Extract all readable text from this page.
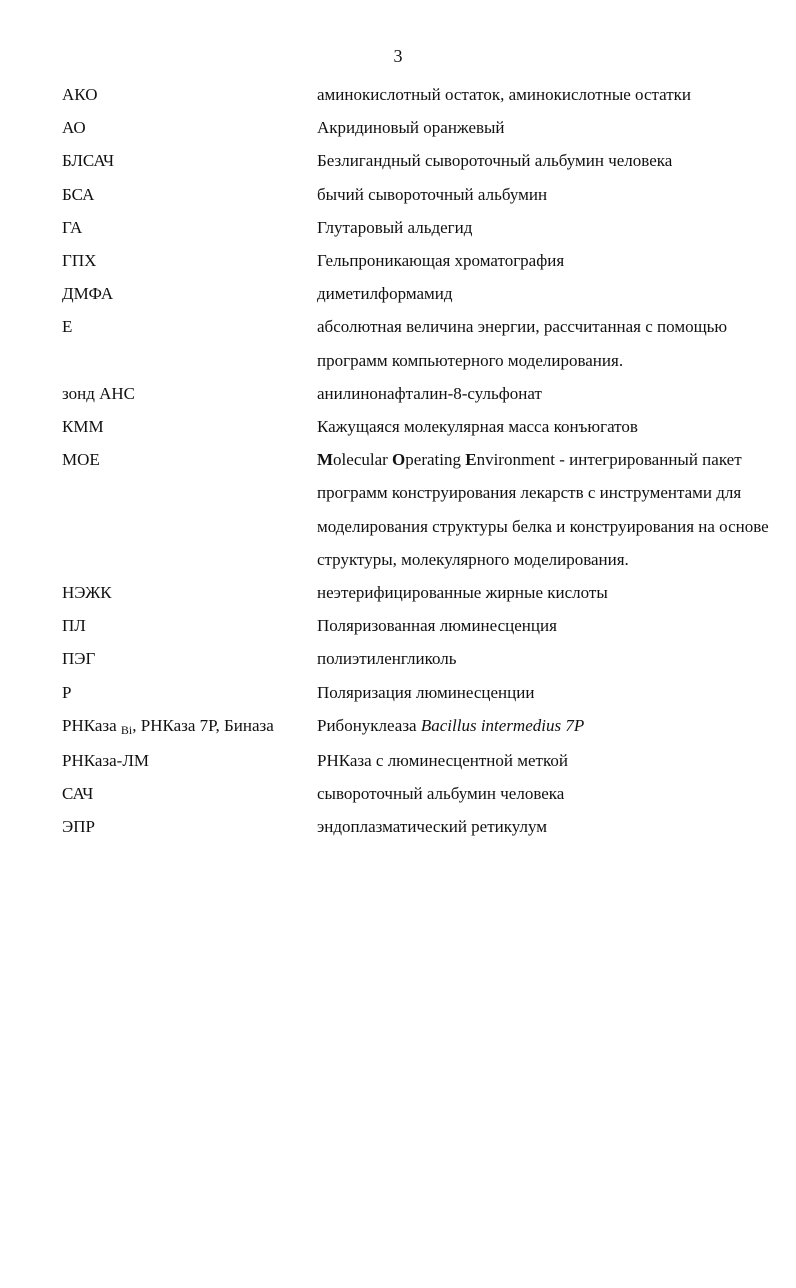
3
АКО	аминокислотный остаток, аминокислотные остатки
АО	Акридиновый оранжевый
БЛСАЧ	Безлигандный сывороточный альбумин человека
БСА	бычий сывороточный альбумин
ГА	Глутаровый альдегид
ГПХ	Гельпроникающая хроматография
ДМФА	диметилформамид
Е	абсолютная величина энергии, рассчитанная с помощью программ компьютерного моделирования.
зонд АНС	анилинонафталин-8-сульфонат
КММ	Кажущаяся молекулярная масса конъюгатов
МОЕ	Molecular Operating Environment - интегрированный пакет программ конструирования лекарств с инструментами для моделирования структуры белка и конструирования на основе структуры, молекулярного моделирования.
НЭЖК	неэтерифицированные жирные кислоты
ПЛ	Поляризованная люминесценция
ПЭГ	полиэтиленгликоль
Р	Поляризация люминесценции
РНКаза Bi, РНКаза 7Р, Биназа	Рибонуклеаза Bacillus intermedius 7P
РНКаза-ЛМ	РНКаза с люминесцентной меткой
САЧ	сывороточный альбумин человека
ЭПР	эндоплазматический ретикулум
